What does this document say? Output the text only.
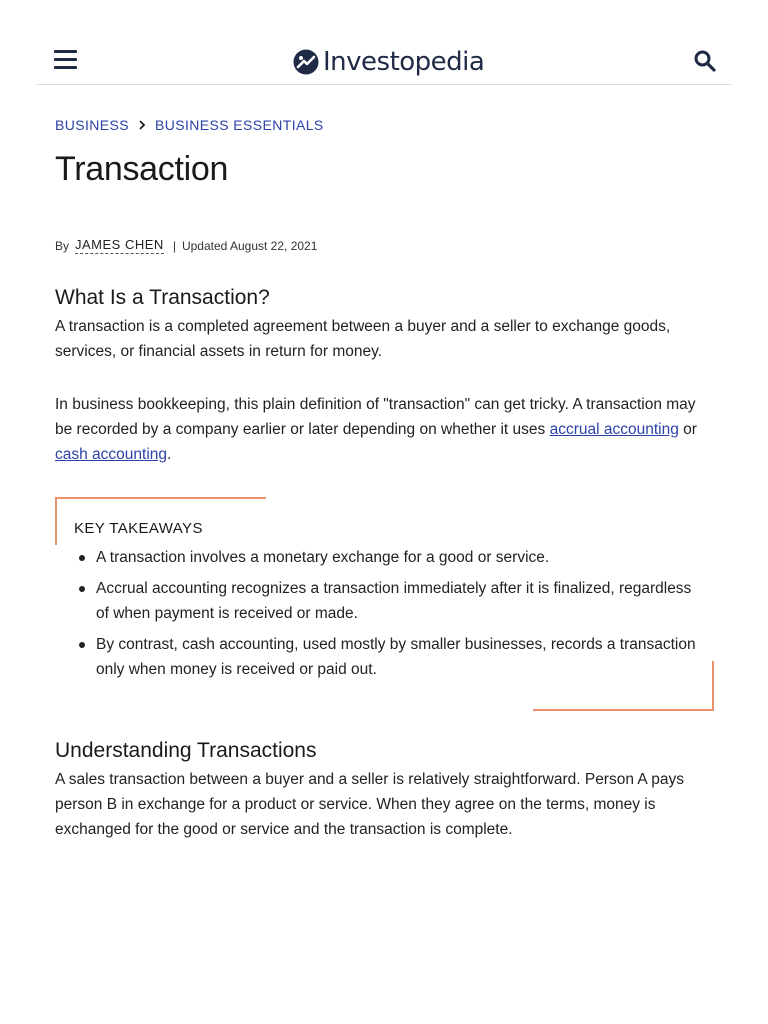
Investopedia
BUSINESS BUSINESS ESSENTIALS
Transaction
By JAMES CHEN | Updated August 22, 2021
What Is a Transaction?

A transaction is a completed agreement between a buyer and a seller to exchange goods, services, or financial assets in return for money.

In business bookkeeping, this plain definition of "transaction" can get tricky. A transaction may be recorded by a company earlier or later depending on whether it uses accrual accounting or cash accounting.

KEY TAKEAWAYS
A transaction involves a monetary exchange for a good or service.
Accrual accounting recognizes a transaction immediately after it is finalized, regardless of when payment is received or made.
By contrast, cash accounting, used mostly by smaller businesses, records a transaction only when money is received or paid out.
Understanding Transactions

A sales transaction between a buyer and a seller is relatively straightforward. Person A pays person B in exchange for a product or service. When they agree on the terms, money is exchanged for the good or service and the transaction is complete.
